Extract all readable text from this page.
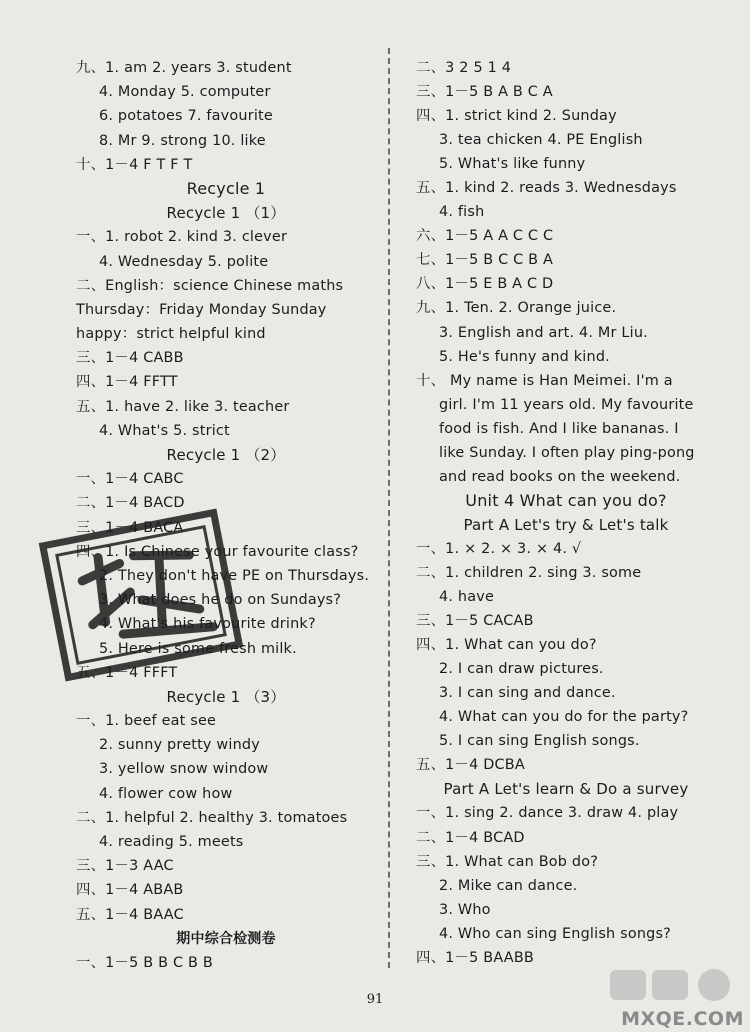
九、1. am 2. years 3. student
4. Monday 5. computer
6. potatoes 7. favourite
8. Mr 9. strong 10. like
十、1－4 F T F T
Recycle 1
Recycle 1 （1）
一、1. robot 2. kind 3. clever
4. Wednesday 5. polite
二、English：science Chinese maths
Thursday：Friday Monday Sunday
happy：strict helpful kind
三、1－4 CABB
四、1－4 FFTT
五、1. have 2. like 3. teacher
4. What's 5. strict
Recycle 1 （2）
一、1－4 CABC
二、1－4 BACD
三、1－4 BACA
四、1. Is Chinese your favourite class?
2. They don't have PE on Thursdays.
3. What does he do on Sundays?
4. What's his favourite drink?
5. Here is some fresh milk.
五、1－4 FFFT
Recycle 1 （3）
一、1. beef eat see
2. sunny pretty windy
3. yellow snow window
4. flower cow how
二、1. helpful 2. healthy 3. tomatoes
4. reading 5. meets
三、1－3 AAC
四、1－4 ABAB
五、1－4 BAAC
期中综合检测卷
一、1－5 B B C B B
二、3 2 5 1 4
三、1－5 B A B C A
四、1. strict kind 2. Sunday
3. tea chicken 4. PE English
5. What's like funny
五、1. kind 2. reads 3. Wednesdays
4. fish
六、1－5 A A C C C
七、1－5 B C C B A
八、1－5 E B A C D
九、1. Ten. 2. Orange juice.
3. English and art. 4. Mr Liu.
5. He's funny and kind.
十、 My name is Han Meimei. I'm a
girl. I'm 11 years old. My favourite
food is fish. And I like bananas. I
like Sunday. I often play ping-pong
and read books on the weekend.
Unit 4 What can you do?
Part A Let's try & Let's talk
一、1. × 2. × 3. × 4. √
二、1. children 2. sing 3. some
4. have
三、1－5 CACAB
四、1. What can you do?
2. I can draw pictures.
3. I can sing and dance.
4. What can you do for the party?
5. I can sing English songs.
五、1－4 DCBA
Part A Let's learn & Do a survey
一、1. sing 2. dance 3. draw 4. play
二、1－4 BCAD
三、1. What can Bob do?
2. Mike can dance.
3. Who
4. Who can sing English songs?
四、1－5 BAABB
91
MXQE.COM
